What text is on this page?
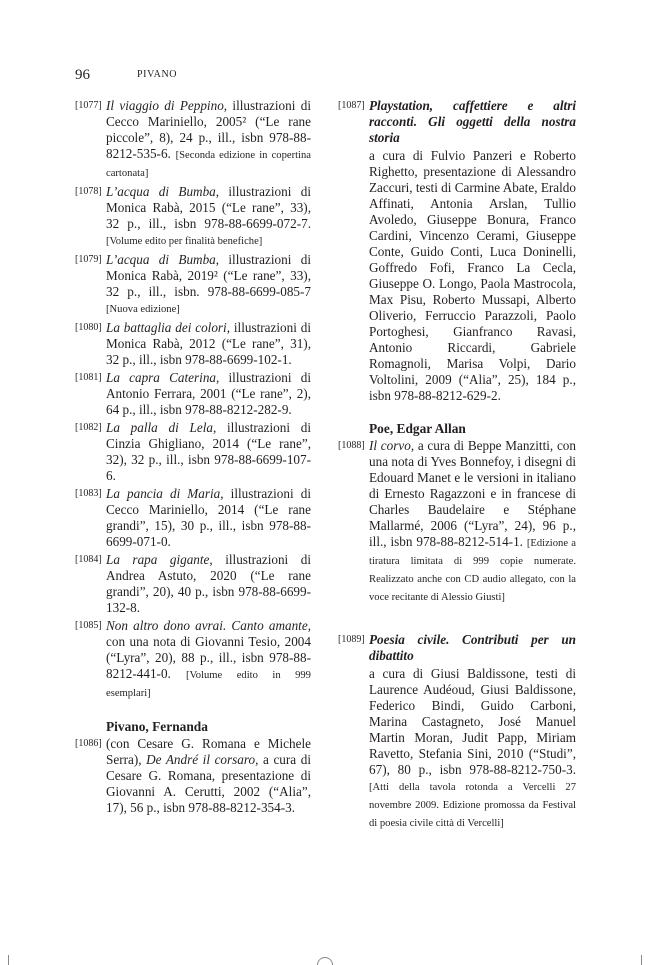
96	PIVANO
[1077] Il viaggio di Peppino, illustrazioni di Cecco Mariniello, 2005² (“Le rane piccole”, 8), 24 p., ill., isbn 978-88-8212-535-6. [Seconda edizione in copertina cartonata]
[1078] L’acqua di Bumba, illustrazioni di Monica Rabà, 2015 (“Le rane”, 33), 32 p., ill., isbn 978-88-6699-072-7. [Volume edito per finalità benefiche]
[1079] L’acqua di Bumba, illustrazioni di Monica Rabà, 2019² (“Le rane”, 33), 32 p., ill., isbn. 978-88-6699-085-7 [Nuova edizione]
[1080] La battaglia dei colori, illustrazioni di Monica Rabà, 2012 (“Le rane”, 31), 32 p., ill., isbn 978-88-6699-102-1.
[1081] La capra Caterina, illustrazioni di Antonio Ferrara, 2001 (“Le rane”, 2), 64 p., ill., isbn 978-88-8212-282-9.
[1082] La palla di Lela, illustrazioni di Cinzia Ghigliano, 2014 (“Le rane”, 32), 32 p., ill., isbn 978-88-6699-107-6.
[1083] La pancia di Maria, illustrazioni di Cecco Mariniello, 2014 (“Le rane grandi”, 15), 30 p., ill., isbn 978-88-6699-071-0.
[1084] La rapa gigante, illustrazioni di Andrea Astuto, 2020 (“Le rane grandi”, 20), 40 p., isbn 978-88-6699-132-8.
[1085] Non altro dono avrai. Canto amante, con una nota di Giovanni Tesio, 2004 (“Lyra”, 20), 88 p., ill., isbn 978-88-8212-441-0. [Volume edito in 999 esemplari]
Pivano, Fernanda
[1086] (con Cesare G. Romana e Michele Serra), De André il corsaro, a cura di Cesare G. Romana, presentazione di Giovanni A. Cerutti, 2002 (“Alia”, 17), 56 p., isbn 978-88-8212-354-3.
[1087] Playstation, caffettiere e altri racconti. Gli oggetti della nostra storia
a cura di Fulvio Panzeri e Roberto Righetto, presentazione di Alessandro Zaccuri, testi di Carmine Abate, Eraldo Affinati, Antonia Arslan, Tullio Avoledo, Giuseppe Bonura, Franco Cardini, Vincenzo Cerami, Giuseppe Conte, Guido Conti, Luca Doninelli, Goffredo Fofi, Franco La Cecla, Giuseppe O. Longo, Paola Mastrocola, Max Pisu, Roberto Mussapi, Alberto Oliverio, Ferruccio Parazzoli, Paolo Portoghesi, Gianfranco Ravasi, Antonio Riccardi, Gabriele Romagnoli, Marisa Volpi, Dario Voltolini, 2009 (“Alia”, 25), 184 p., isbn 978-88-8212-629-2.
Poe, Edgar Allan
[1088] Il corvo, a cura di Beppe Manzitti, con una nota di Yves Bonnefoy, i disegni di Edouard Manet e le versioni in italiano di Ernesto Ragazzoni e in francese di Charles Baudelaire e Stéphane Mallarmé, 2006 (“Lyra”, 24), 96 p., ill., isbn 978-88-8212-514-1. [Edizione a tiratura limitata di 999 copie numerate. Realizzato anche con CD audio allegato, con la voce recitante di Alessio Giusti]
[1089] Poesia civile. Contributi per un dibattito
a cura di Giusi Baldissone, testi di Laurence Audéoud, Giusi Baldissone, Federico Bindi, Guido Carboni, Marina Castagneto, José Manuel Martin Moran, Judit Papp, Miriam Ravetto, Stefania Sini, 2010 (“Studi”, 67), 80 p., isbn 978-88-8212-750-3. [Atti della tavola rotonda a Vercelli 27 novembre 2009. Edizione promossa da Festival di poesia civile città di Vercelli]
